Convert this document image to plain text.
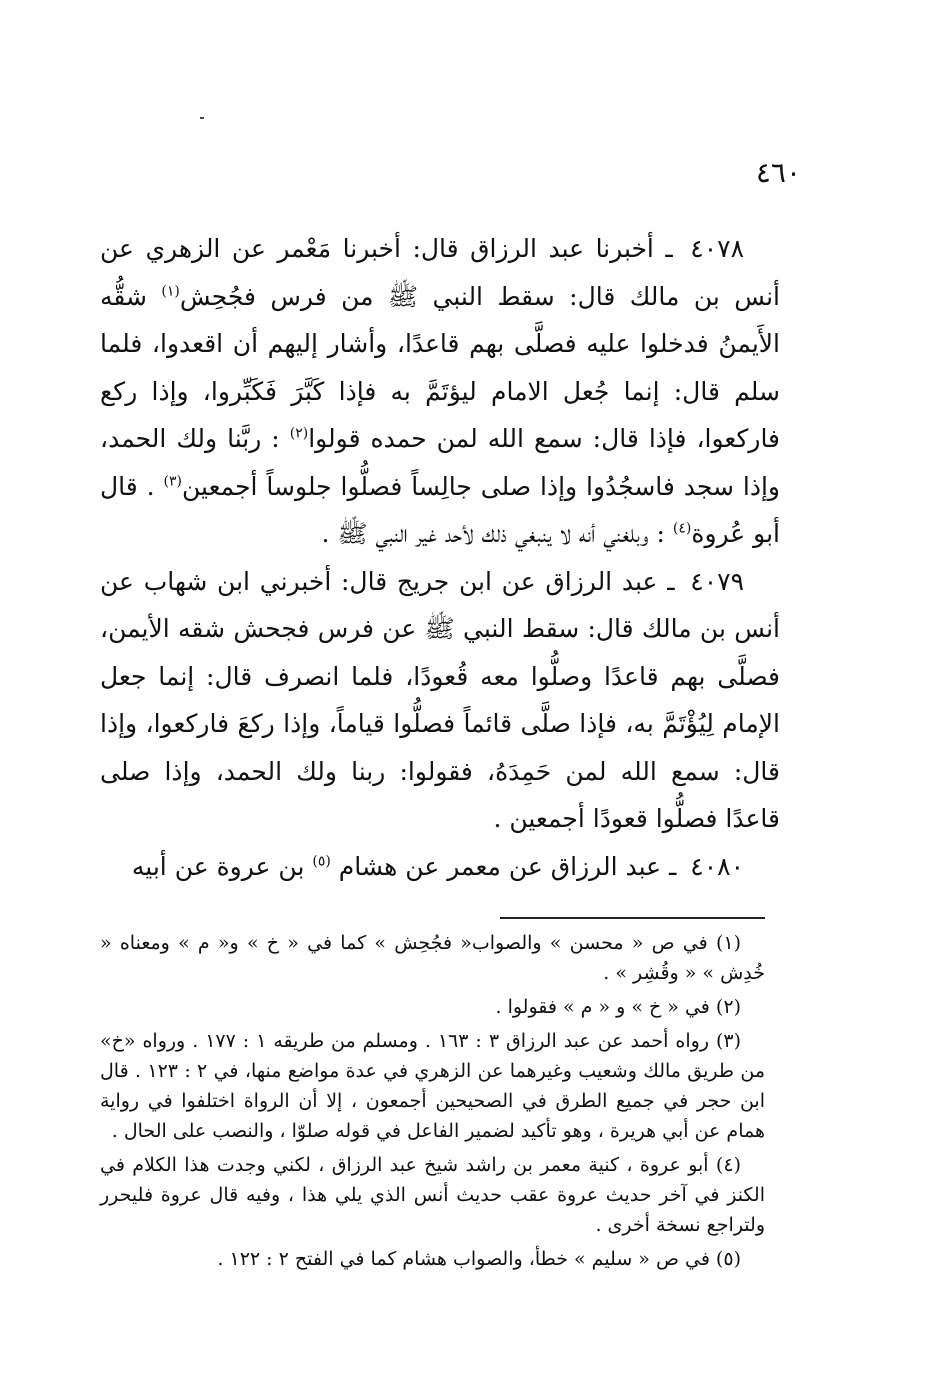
٤٦٠

٤٠٧٨ ـ أخبرنا عبد الرزاق قال: أخبرنا مَعْمر عن الزهري عن أنس بن مالك قال: سقط النبي ﷺ من فرس فجُحِش$^{(١)}$ شقُّه الأَيمنُ فدخلوا عليه فصلَّى بهم قاعدًا، وأشار إليهم أن اقعدوا، فلما سلم قال: إنما جُعل الامام ليؤتَمَّ به فإذا كَبَّرَ فَكَبِّروا، وإذا ركع فاركعوا، فإذا قال: سمع الله لمن حمده قولوا$^{(٢)}$ : ربَّنا ولك الحمد، وإذا سجد فاسجُدُوا وإذا صلى جالِساً فصلُّوا جلوساً أجمعين$^{(٣)}$ . قال أبو عُروة$^{(٤)}$ : وبلغني أنه لا ينبغي ذلك لأحد غير النبي ﷺ .

٤٠٧٩ ـ عبد الرزاق عن ابن جريج قال: أخبرني ابن شهاب عن أنس بن مالك قال: سقط النبي ﷺ عن فرس فجحش شقه الأيمن، فصلَّى بهم قاعدًا وصلُّوا معه قُعودًا، فلما انصرف قال: إنما جعل الإمام لِيُؤْتَمَّ به، فإذا صلَّى قائماً فصلُّوا قياماً، وإذا ركعَ فاركعوا، وإذا قال: سمع الله لمن حَمِدَهُ، فقولوا: ربنا ولك الحمد، وإذا صلى قاعدًا فصلُّوا قعودًا أجمعين .

٤٠٨٠ ـ عبد الرزاق عن معمر عن هشام $^{(٥)}$ بن عروة عن أبيه

(١) في ص « محسن » والصواب« فجُحِش » كما في « خ » و« م » ومعناه « خُدِش » « وقُشِر » .

(٢) في « خ » و « م » فقولوا .

(٣) رواه أحمد عن عبد الرزاق ٣ : ١٦٣ . ومسلم من طريقه ١ : ١٧٧ . ورواه «خ» من طريق مالك وشعيب وغيرهما عن الزهري في عدة مواضع منها، في ٢ : ١٢٣ . قال ابن حجر في جميع الطرق في الصحيحين أجمعون ، إلا أن الرواة اختلفوا في رواية همام عن أبي هريرة ، وهو تأكيد لضمير الفاعل في قوله صلوّا ، والنصب على الحال .

(٤) أبو عروة ، كنية معمر بن راشد شيخ عبد الرزاق ، لكني وجدت هذا الكلام في الكنز في آخر حديث عروة عقب حديث أنس الذي يلي هذا ، وفيه قال عروة فليحرر ولتراجع نسخة أخرى .

(٥) في ص « سليم » خطأ، والصواب هشام كما في الفتح ٢ : ١٢٢ .
